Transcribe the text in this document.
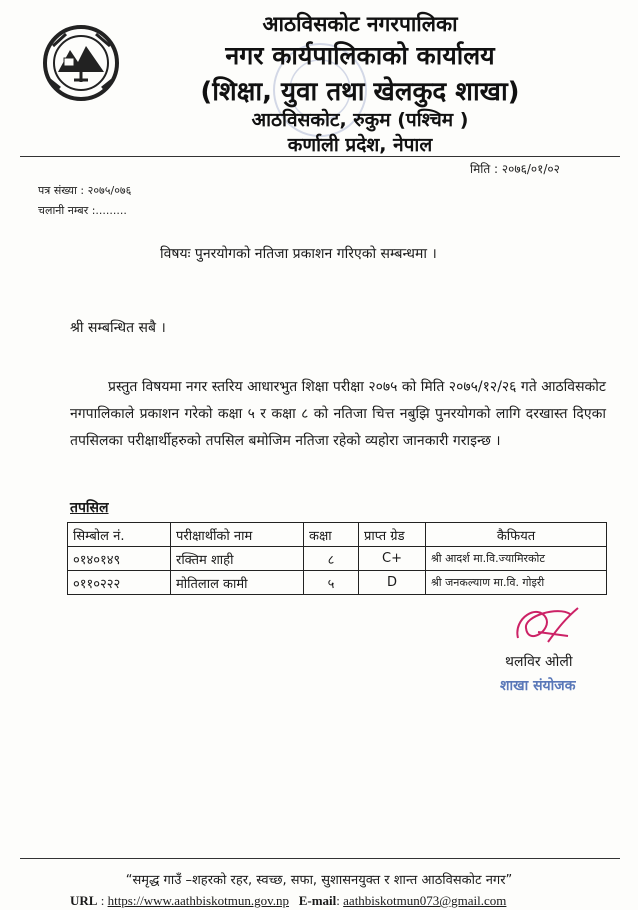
आठविसकोट नगरपालिका
नगर कार्यपालिकाको कार्यालय
(शिक्षा, युवा तथा खेलकुद शाखा)
आठविसकोट, रुकुम (पश्चिम )
कर्णाली प्रदेश, नेपाल
मिति : २०७६/०१/०२
पत्र संख्या : २०७५/०७६
चलानी नम्बर :.........
विषयः पुनरयोगको नतिजा प्रकाशन गरिएको सम्बन्धमा ।
श्री सम्बन्धित सबै ।
प्रस्तुत विषयमा नगर स्तरिय आधारभुत शिक्षा परीक्षा २०७५ को मिति २०७५/१२/२६ गते आठविसकोट नगपालिकाले प्रकाशन गरेको कक्षा ५ र कक्षा ८ को नतिजा चित्त नबुझि पुनरयोगको लागि दरखास्त दिएका तपसिलका परीक्षार्थीहरुको तपसिल बमोजिम नतिजा रहेको व्यहोरा जानकारी गराइन्छ ।
तपसिल
सिम्बोल नं.	परीक्षार्थीको नाम	कक्षा	प्राप्त ग्रेड	कैफियत
०१४०१४९	रक्तिम शाही	८	C+	श्री आदर्श मा.वि.ज्यामिरकोट
०११०२२२	मोतिलाल कामी	५	D	श्री जनकल्याण मा.वि. गोइरी
थलविर ओली
शाखा संयोजक
“समृद्ध गाउँ –शहरको रहर, स्वच्छ, सफा, सुशासनयुक्त र शान्त आठविसकोट नगर”
URL : https://www.aathbiskotmun.gov.np E-mail: aathbiskotmun073@gmail.com
